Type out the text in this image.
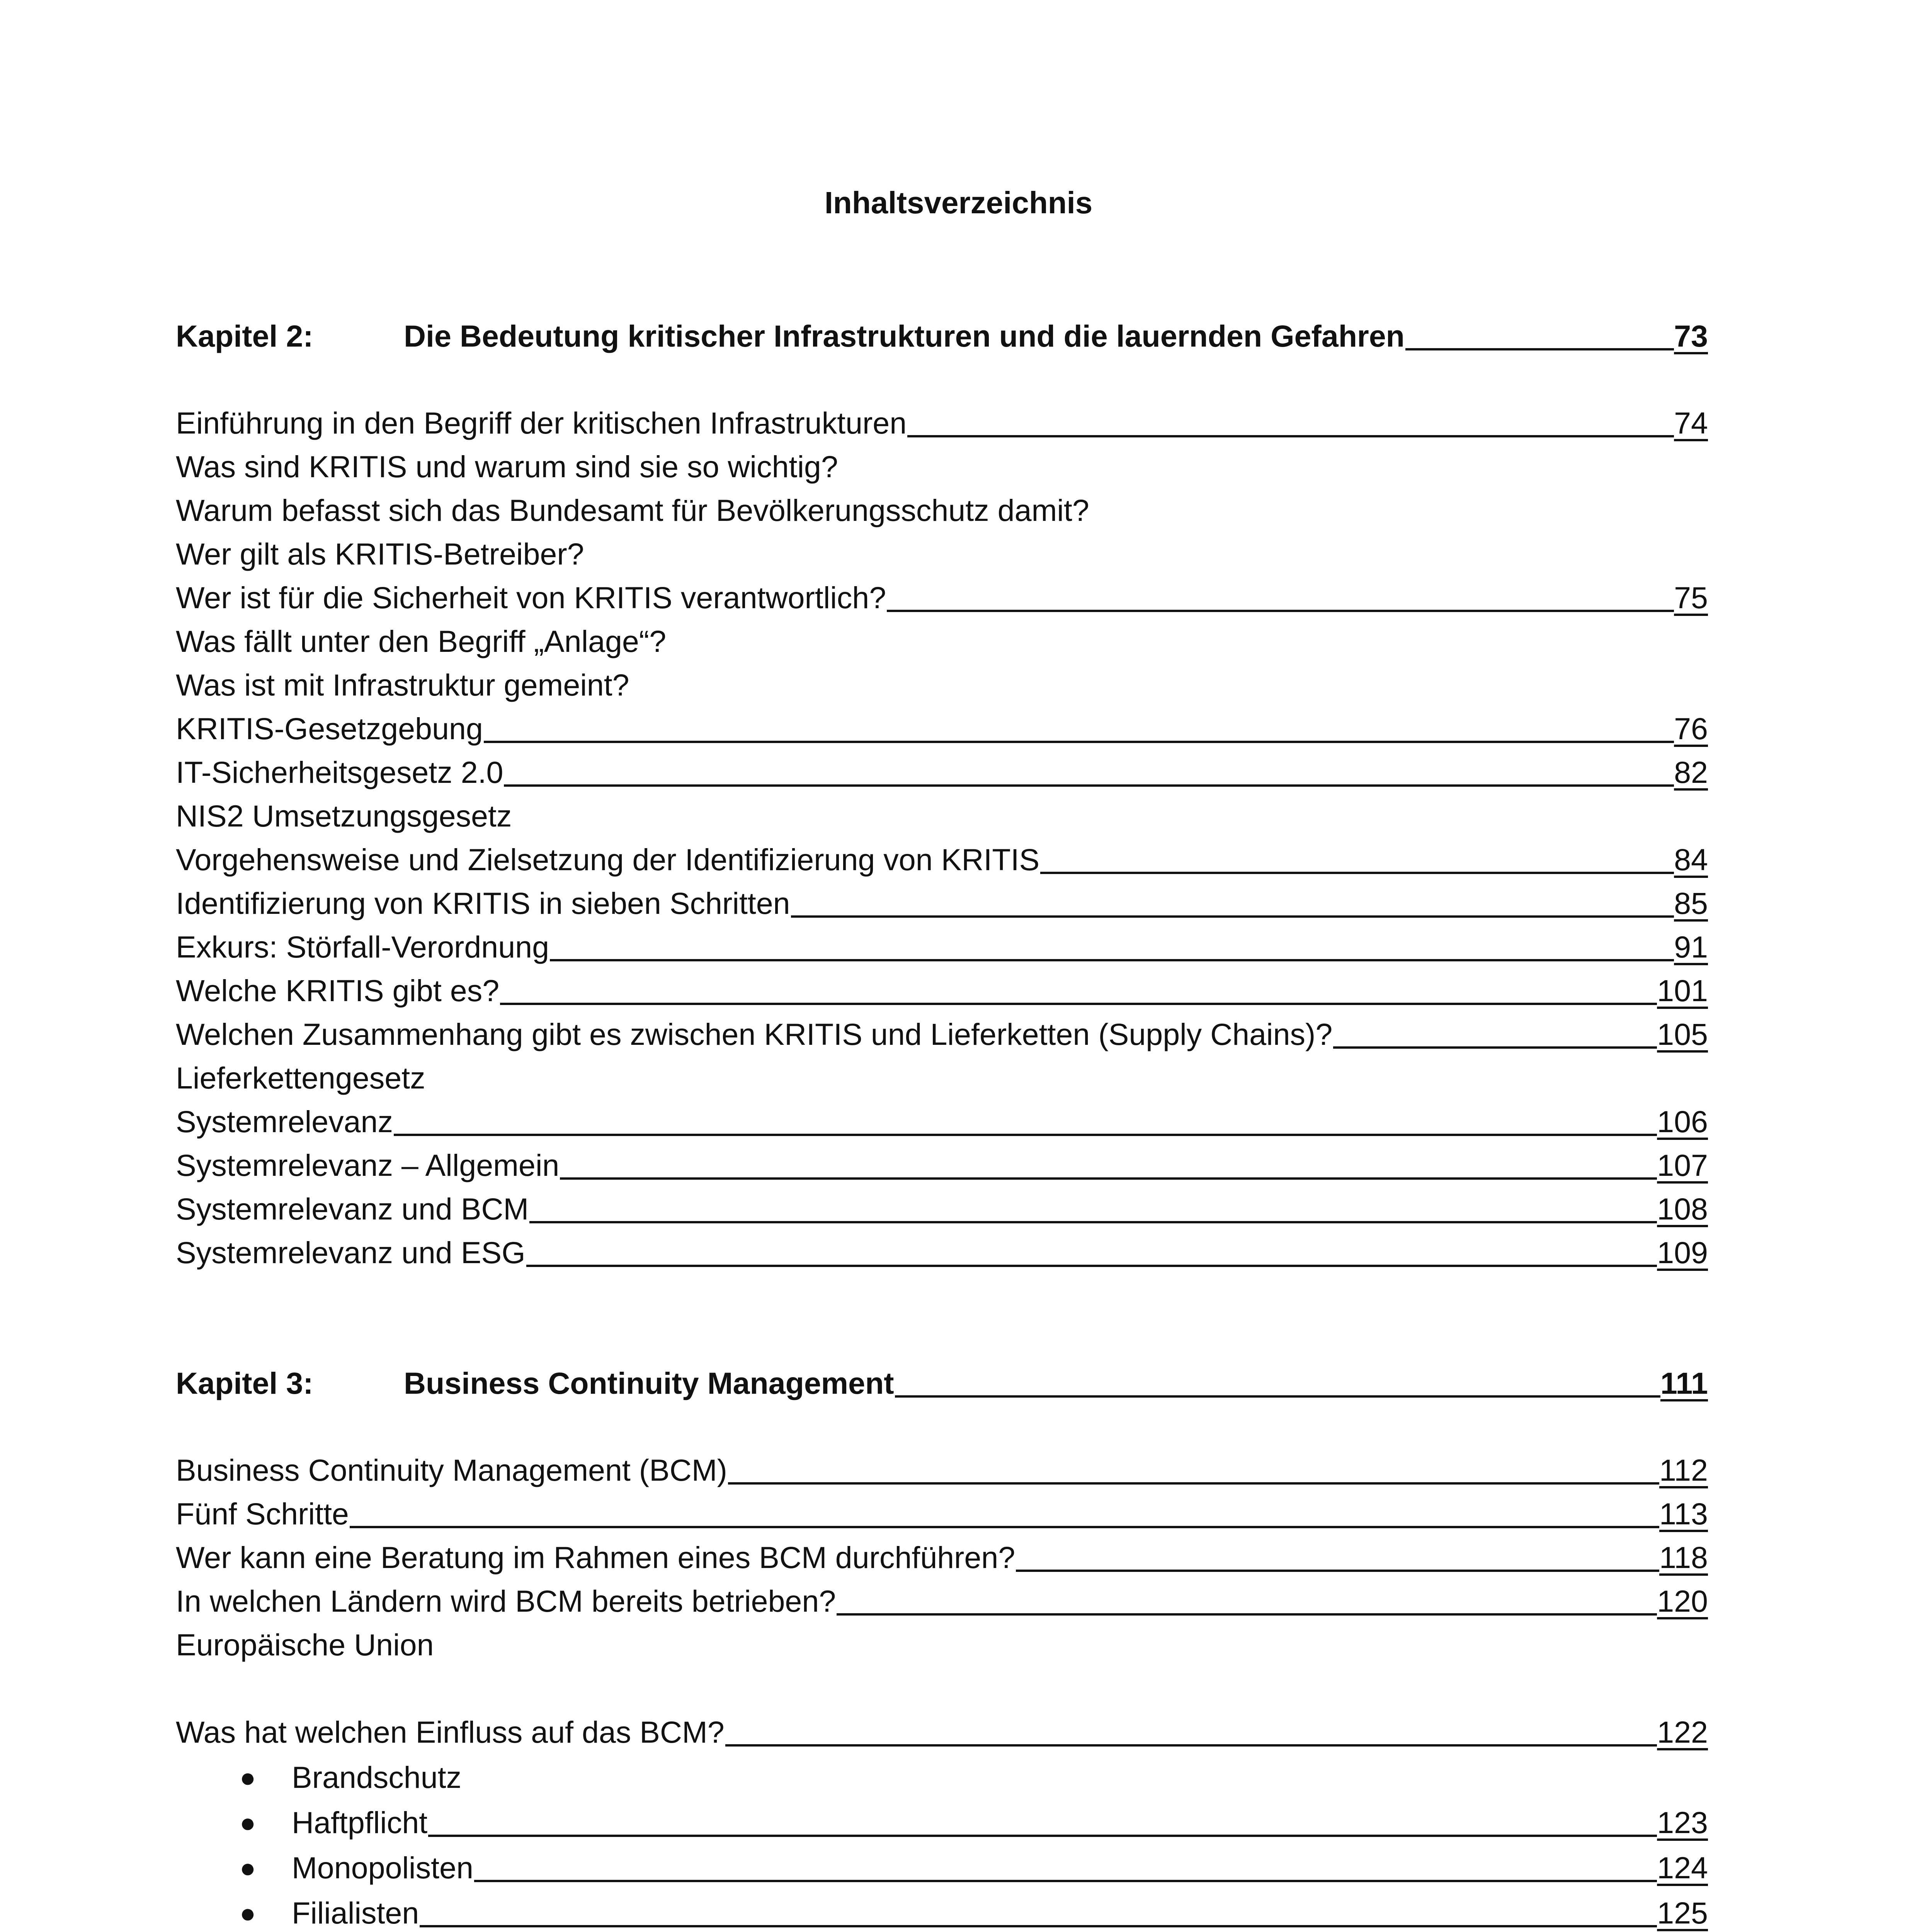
Inhaltsverzeichnis
Kapitel 2:	Die Bedeutung kritischer Infrastrukturen und die lauernden Gefahren	73
Einführung in den Begriff der kritischen Infrastrukturen	74
Was sind KRITIS und warum sind sie so wichtig?
Warum befasst sich das Bundesamt für Bevölkerungsschutz damit?
Wer gilt als KRITIS-Betreiber?
Wer ist für die Sicherheit von KRITIS verantwortlich?	75
Was fällt unter den Begriff „Anlage“?
Was ist mit Infrastruktur gemeint?
KRITIS-Gesetzgebung	76
IT-Sicherheitsgesetz 2.0	82
NIS2 Umsetzungsgesetz
Vorgehensweise und Zielsetzung der Identifizierung von KRITIS	84
Identifizierung von KRITIS in sieben Schritten	85
Exkurs: Störfall-Verordnung	91
Welche KRITIS gibt es?	101
Welchen Zusammenhang gibt es zwischen KRITIS und Lieferketten (Supply Chains)?	105
Lieferkettengesetz
Systemrelevanz	106
Systemrelevanz – Allgemein	107
Systemrelevanz und BCM	108
Systemrelevanz und ESG	109
Kapitel 3:	Business Continuity Management	111
Business Continuity Management (BCM)	112
Fünf Schritte	113
Wer kann eine Beratung im Rahmen eines BCM durchführen?	118
In welchen Ländern wird BCM bereits betrieben?	120
Europäische Union
Was hat welchen Einfluss auf das BCM?	122
● Brandschutz
● Haftpflicht	123
● Monopolisten	124
● Filialisten	125
